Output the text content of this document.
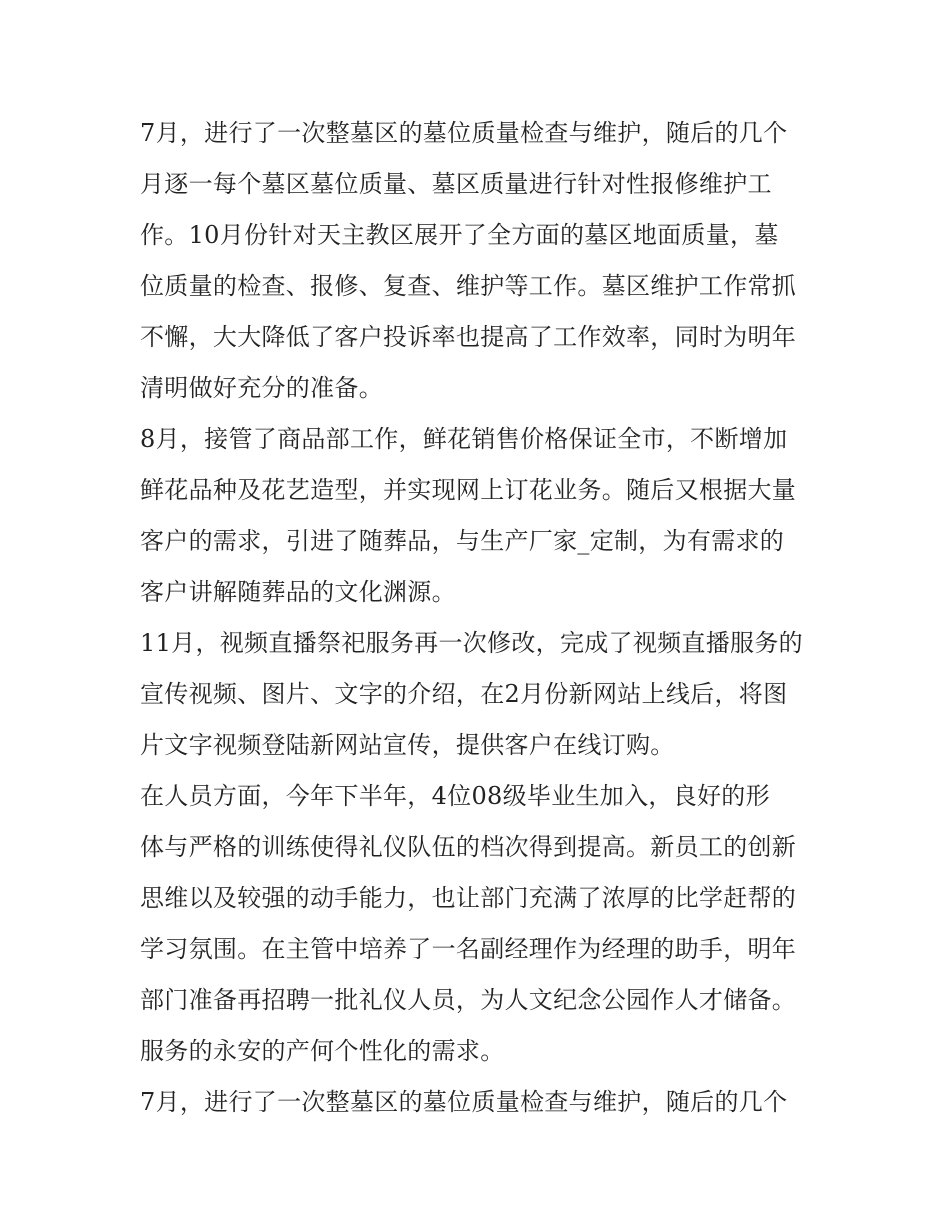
7月，进行了一次整墓区的墓位质量检查与维护，随后的几个
月逐一每个墓区墓位质量、墓区质量进行针对性报修维护工
作。10月份针对天主教区展开了全方面的墓区地面质量，墓
位质量的检查、报修、复查、维护等工作。墓区维护工作常抓
不懈，大大降低了客户投诉率也提高了工作效率，同时为明年
清明做好充分的准备。
8月，接管了商品部工作，鲜花销售价格保证全市，不断增加
鲜花品种及花艺造型，并实现网上订花业务。随后又根据大量
客户的需求，引进了随葬品，与生产厂家_定制，为有需求的
客户讲解随葬品的文化渊源。
11月，视频直播祭祀服务再一次修改，完成了视频直播服务的
宣传视频、图片、文字的介绍，在2月份新网站上线后，将图
片文字视频登陆新网站宣传，提供客户在线订购。
在人员方面，今年下半年，4位08级毕业生加入，良好的形
体与严格的训练使得礼仪队伍的档次得到提高。新员工的创新
思维以及较强的动手能力，也让部门充满了浓厚的比学赶帮的
学习氛围。在主管中培养了一名副经理作为经理的助手，明年
部门准备再招聘一批礼仪人员，为人文纪念公园作人才储备。
服务的永安的产何个性化的需求。
7月，进行了一次整墓区的墓位质量检查与维护，随后的几个
